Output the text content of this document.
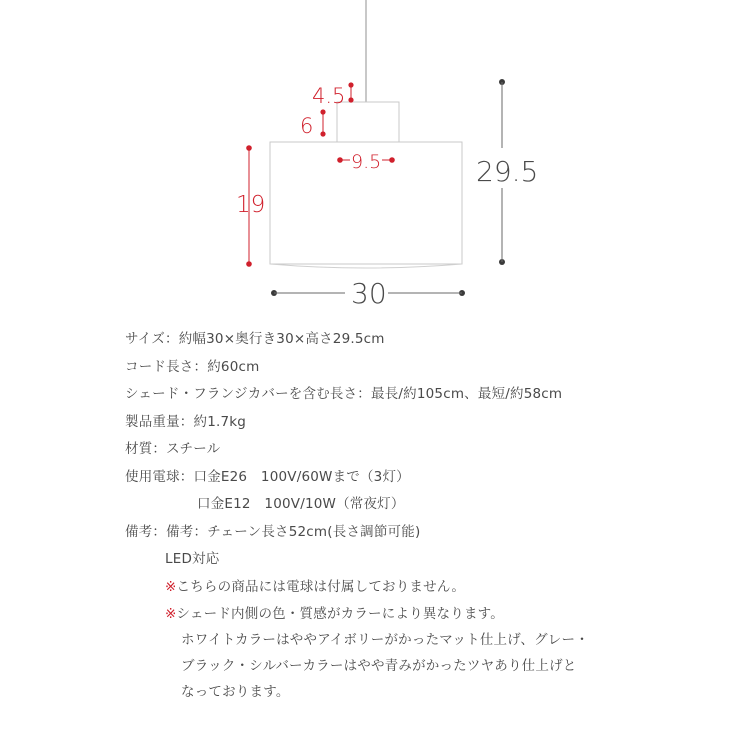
4.5
6
9.5
19
29.5
30
サイズ：約幅30×奥行き30×高さ29.5cm
コード長さ：約60cm
シェード・フランジカバーを含む長さ：最長/約105cm、最短/約58cm
製品重量：約1.7kg
材質：スチール
使用電球：口金E26　100V/60Wまで（3灯）
口金E12　100V/10W（常夜灯）
備考：備考：チェーン長さ52cm(長さ調節可能)
LED対応
※こちらの商品には電球は付属しておりません。
※シェード内側の色・質感がカラーにより異なります。
ホワイトカラーはややアイボリーがかったマット仕上げ、グレー・
ブラック・シルバーカラーはやや青みがかったツヤあり仕上げと
なっております。
